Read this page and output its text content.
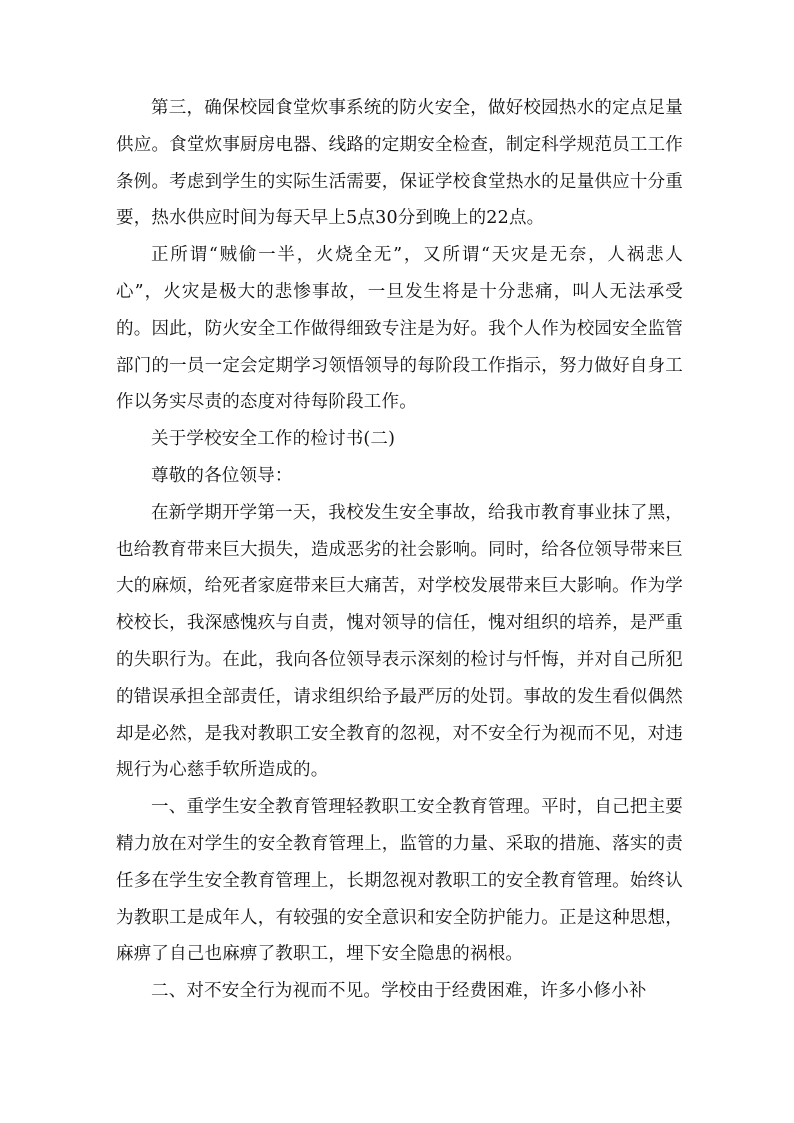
第三，确保校园食堂炊事系统的防火安全，做好校园热水的定点足量供应。食堂炊事厨房电器、线路的定期安全检查，制定科学规范员工工作条例。考虑到学生的实际生活需要，保证学校食堂热水的足量供应十分重要，热水供应时间为每天早上5点30分到晚上的22点。

正所谓“贼偷一半，火烧全无”，又所谓“天灾是无奈，人祸悲人心”，火灾是极大的悲惨事故，一旦发生将是十分悲痛，叫人无法承受的。因此，防火安全工作做得细致专注是为好。我个人作为校园安全监管部门的一员一定会定期学习领悟领导的每阶段工作指示，努力做好自身工作以务实尽责的态度对待每阶段工作。

关于学校安全工作的检讨书(二)

尊敬的各位领导：

在新学期开学第一天，我校发生安全事故，给我市教育事业抹了黑，也给教育带来巨大损失，造成恶劣的社会影响。同时，给各位领导带来巨大的麻烦，给死者家庭带来巨大痛苦，对学校发展带来巨大影响。作为学校校长，我深感愧疚与自责，愧对领导的信任，愧对组织的培养，是严重的失职行为。在此，我向各位领导表示深刻的检讨与忏悔，并对自己所犯的错误承担全部责任，请求组织给予最严厉的处罚。事故的发生看似偶然却是必然，是我对教职工安全教育的忽视，对不安全行为视而不见，对违规行为心慈手软所造成的。

一、重学生安全教育管理轻教职工安全教育管理。平时，自己把主要精力放在对学生的安全教育管理上，监管的力量、采取的措施、落实的责任多在学生安全教育管理上，长期忽视对教职工的安全教育管理。始终认为教职工是成年人，有较强的安全意识和安全防护能力。正是这种思想，麻痹了自己也麻痹了教职工，埋下安全隐患的祸根。

二、对不安全行为视而不见。学校由于经费困难，许多小修小补
